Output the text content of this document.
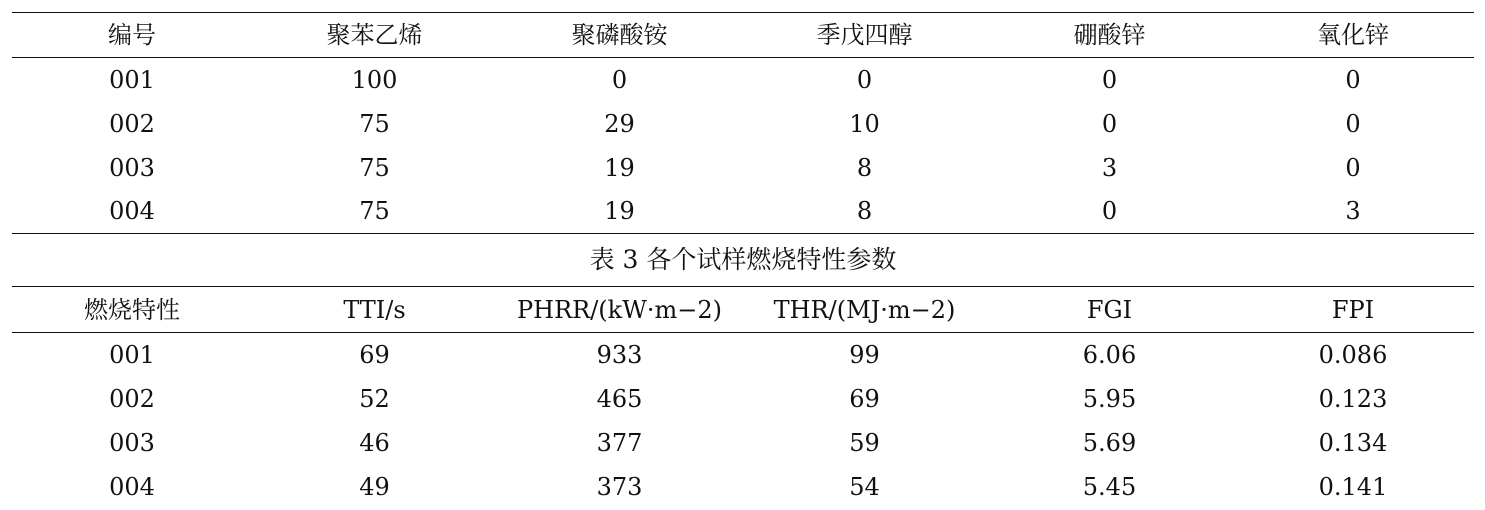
编号	聚苯乙烯	聚磷酸铵	季戊四醇	硼酸锌	氧化锌
001	100	0	0	0	0
002	75	29	10	0	0
003	75	19	8	3	0
004	75	19	8	0	3
表 3 各个试样燃烧特性参数
燃烧特性	TTI/s	PHRR/(kW·m−2)	THR/(MJ·m−2)	FGI	FPI
001	69	933	99	6.06	0.086
002	52	465	69	5.95	0.123
003	46	377	59	5.69	0.134
004	49	373	54	5.45	0.141
